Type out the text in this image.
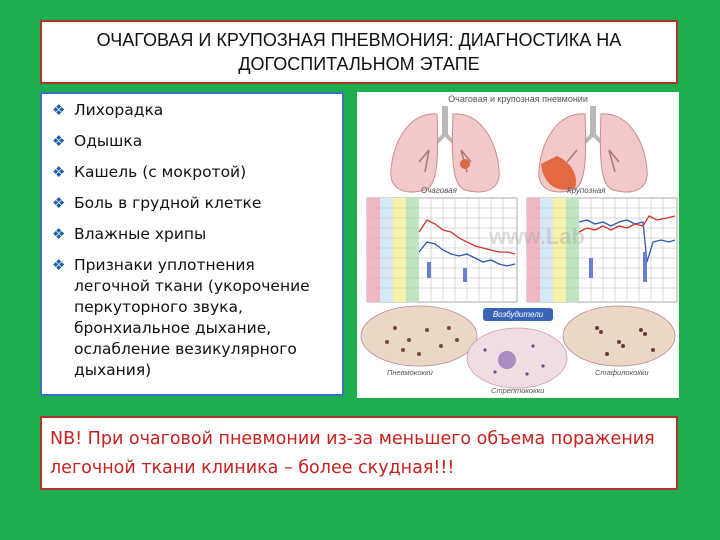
ОЧАГОВАЯ И КРУПОЗНАЯ ПНЕВМОНИЯ: ДИАГНОСТИКА НА ДОГОСПИТАЛЬНОМ ЭТАПЕ
❖ Лихорадка
❖ Одышка
❖ Кашель (с мокротой)
❖ Боль в грудной клетке
❖ Влажные хрипы
❖ Признаки уплотнения легочной ткани (укорочение перкуторного звука, бронхиальное дыхание, ослабление везикулярного дыхания)
Очаговая и крупозная пневмонии
www.Lab
Очаговая	Крупозная
Возбудители
Пневмококки
Стрептококки
Стафилококки

NB! При очаговой пневмонии из-за меньшего объема поражения легочной ткани клиника – более скудная!!!
